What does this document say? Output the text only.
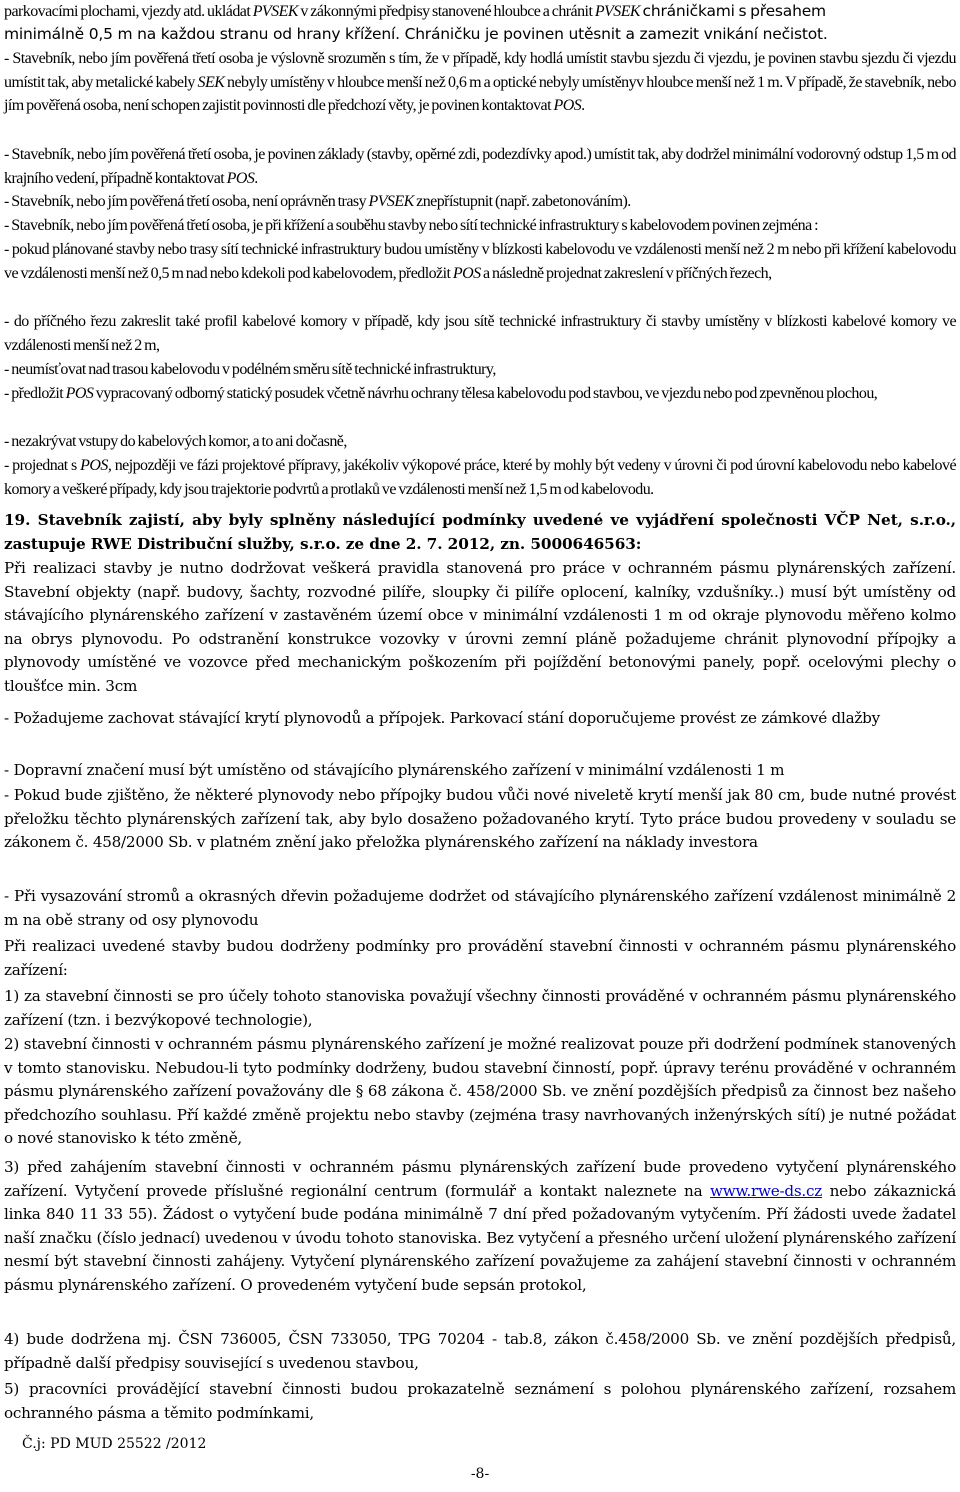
parkovacími plochami, vjezdy atd. ukládat PVSEK v zákonnými předpisy stanovené hloubce a chránit PVSEK chráničkami s přesahem

minimálně 0,5 m na každou stranu od hrany křížení. Chráničku je povinen utěsnit a zamezit vnikání nečistot.

- Stavebník, nebo jím pověřená třetí osoba je výslovně srozuměn s tím, že v případě, kdy hodlá umístit stavbu sjezdu či vjezdu, je povinen stavbu sjezdu či vjezdu umístit tak, aby metalické kabely SEK nebyly umístěny v hloubce menší než 0,6 m a optické nebyly umístěnyv hloubce menší než 1 m. V případě, že stavebník, nebo jím pověřená osoba, není schopen zajistit povinnosti dle předchozí věty, je povinen kontaktovat POS.

- Stavebník, nebo jím pověřená třetí osoba, je povinen základy (stavby, opěrné zdi, podezdívky apod.) umístit tak, aby dodržel minimální vodorovný odstup 1,5 m od krajního vedení, případně kontaktovat POS.

- Stavebník, nebo jím pověřená třetí osoba, není oprávněn trasy PVSEK znepřístupnit (např. zabetonováním).

- Stavebník, nebo jím pověřená třetí osoba, je při křížení a souběhu stavby nebo sítí technické infrastruktury s kabelovodem povinen zejména :

- pokud plánované stavby nebo trasy sítí technické infrastruktury budou umístěny v blízkosti kabelovodu ve vzdálenosti menší než 2 m nebo při křížení kabelovodu ve vzdálenosti menší než 0,5 m nad nebo kdekoli pod kabelovodem, předložit POS a následně projednat zakreslení v příčných řezech,

- do příčného řezu zakreslit také profil kabelové komory v případě, kdy jsou sítě technické infrastruktury či stavby umístěny v blízkosti kabelové komory ve vzdálenosti menší než 2 m,

- neumísťovat nad trasou kabelovodu v podélném směru sítě technické infrastruktury,

- předložit POS vypracovaný odborný statický posudek včetně návrhu ochrany tělesa kabelovodu pod stavbou, ve vjezdu nebo pod zpevněnou plochou,

- nezakrývat vstupy do kabelových komor, a to ani dočasně,

- projednat s POS, nejpozději ve fázi projektové přípravy, jakékoliv výkopové práce, které by mohly být vedeny v úrovni či pod úrovní kabelovodu nebo kabelové komory a veškeré případy, kdy jsou trajektorie podvrtů a protlaků ve vzdálenosti menší než 1,5 m od kabelovodu.

19. Stavebník zajistí, aby byly splněny následující podmínky uvedené ve vyjádření společnosti VČP Net, s.r.o., zastupuje RWE Distribuční služby, s.r.o. ze dne 2. 7. 2012, zn. 5000646563:

Při realizaci stavby je nutno dodržovat veškerá pravidla stanovená pro práce v ochranném pásmu plynárenských zařízení. Stavební objekty (např. budovy, šachty, rozvodné pilíře, sloupky či pilíře oplocení, kalníky, vzdušníky..) musí být umístěny od stávajícího plynárenského zařízení v zastavěném území obce v minimální vzdálenosti 1 m od okraje plynovodu měřeno kolmo na obrys plynovodu. Po odstranění konstrukce vozovky v úrovni zemní pláně požadujeme chránit plynovodní přípojky a plynovody umístěné ve vozovce před mechanickým poškozením při pojíždění betonovými panely, popř. ocelovými plechy o tloušťce min. 3cm

- Požadujeme zachovat stávající krytí plynovodů a přípojek. Parkovací stání doporučujeme provést ze zámkové dlažby

- Dopravní značení musí být umístěno od stávajícího plynárenského zařízení v minimální vzdálenosti 1 m

- Pokud bude zjištěno, že některé plynovody nebo přípojky budou vůči nové niveletě krytí menší jak 80 cm, bude nutné provést přeložku těchto plynárenských zařízení tak, aby bylo dosaženo požadovaného krytí. Tyto práce budou provedeny v souladu se zákonem č. 458/2000 Sb. v platném znění jako přeložka plynárenského zařízení na náklady investora

- Při vysazování stromů a okrasných dřevin požadujeme dodržet od stávajícího plynárenského zařízení vzdálenost minimálně 2 m na obě strany od osy plynovodu

Při realizaci uvedené stavby budou dodrženy podmínky pro provádění stavební činnosti v ochranném pásmu plynárenského zařízení:

1) za stavební činnosti se pro účely tohoto stanoviska považují všechny činnosti prováděné v ochranném pásmu plynárenského zařízení (tzn. i bezvýkopové technologie),

2) stavební činnosti v ochranném pásmu plynárenského zařízení je možné realizovat pouze při dodržení podmínek stanovených v tomto stanovisku. Nebudou-li tyto podmínky dodrženy, budou stavební činností, popř. úpravy terénu prováděné v ochranném pásmu plynárenského zařízení považovány dle § 68 zákona č. 458/2000 Sb. ve znění pozdějších předpisů za činnost bez našeho předchozího souhlasu. Pří každé změně projektu nebo stavby (zejména trasy navrhovaných inženýrských sítí) je nutné požádat o nové stanovisko k této změně,

3) před zahájením stavební činnosti v ochranném pásmu plynárenských zařízení bude provedeno vytyčení plynárenského zařízení. Vytyčení provede příslušné regionální centrum (formulář a kontakt naleznete na www.rwe-ds.cz nebo zákaznická linka 840 11 33 55). Žádost o vytyčení bude podána minimálně 7 dní před požadovaným vytyčením. Pří žádosti uvede žadatel naší značku (číslo jednací) uvedenou v úvodu tohoto stanoviska. Bez vytyčení a přesného určení uložení plynárenského zařízení nesmí být stavební činnosti zahájeny. Vytyčení plynárenského zařízení považujeme za zahájení stavební činnosti v ochranném pásmu plynárenského zařízení. O provedeném vytyčení bude sepsán protokol,

4) bude dodržena mj. ČSN 736005, ČSN 733050, TPG 70204 - tab.8, zákon č.458/2000 Sb. ve znění pozdějších předpisů, případně další předpisy související s uvedenou stavbou,

5) pracovníci provádějící stavební činnosti budou prokazatelně seznámení s polohou plynárenského zařízení, rozsahem ochranného pásma a těmito podmínkami,

Č.j: PD MUD 25522 /2012
-8-
